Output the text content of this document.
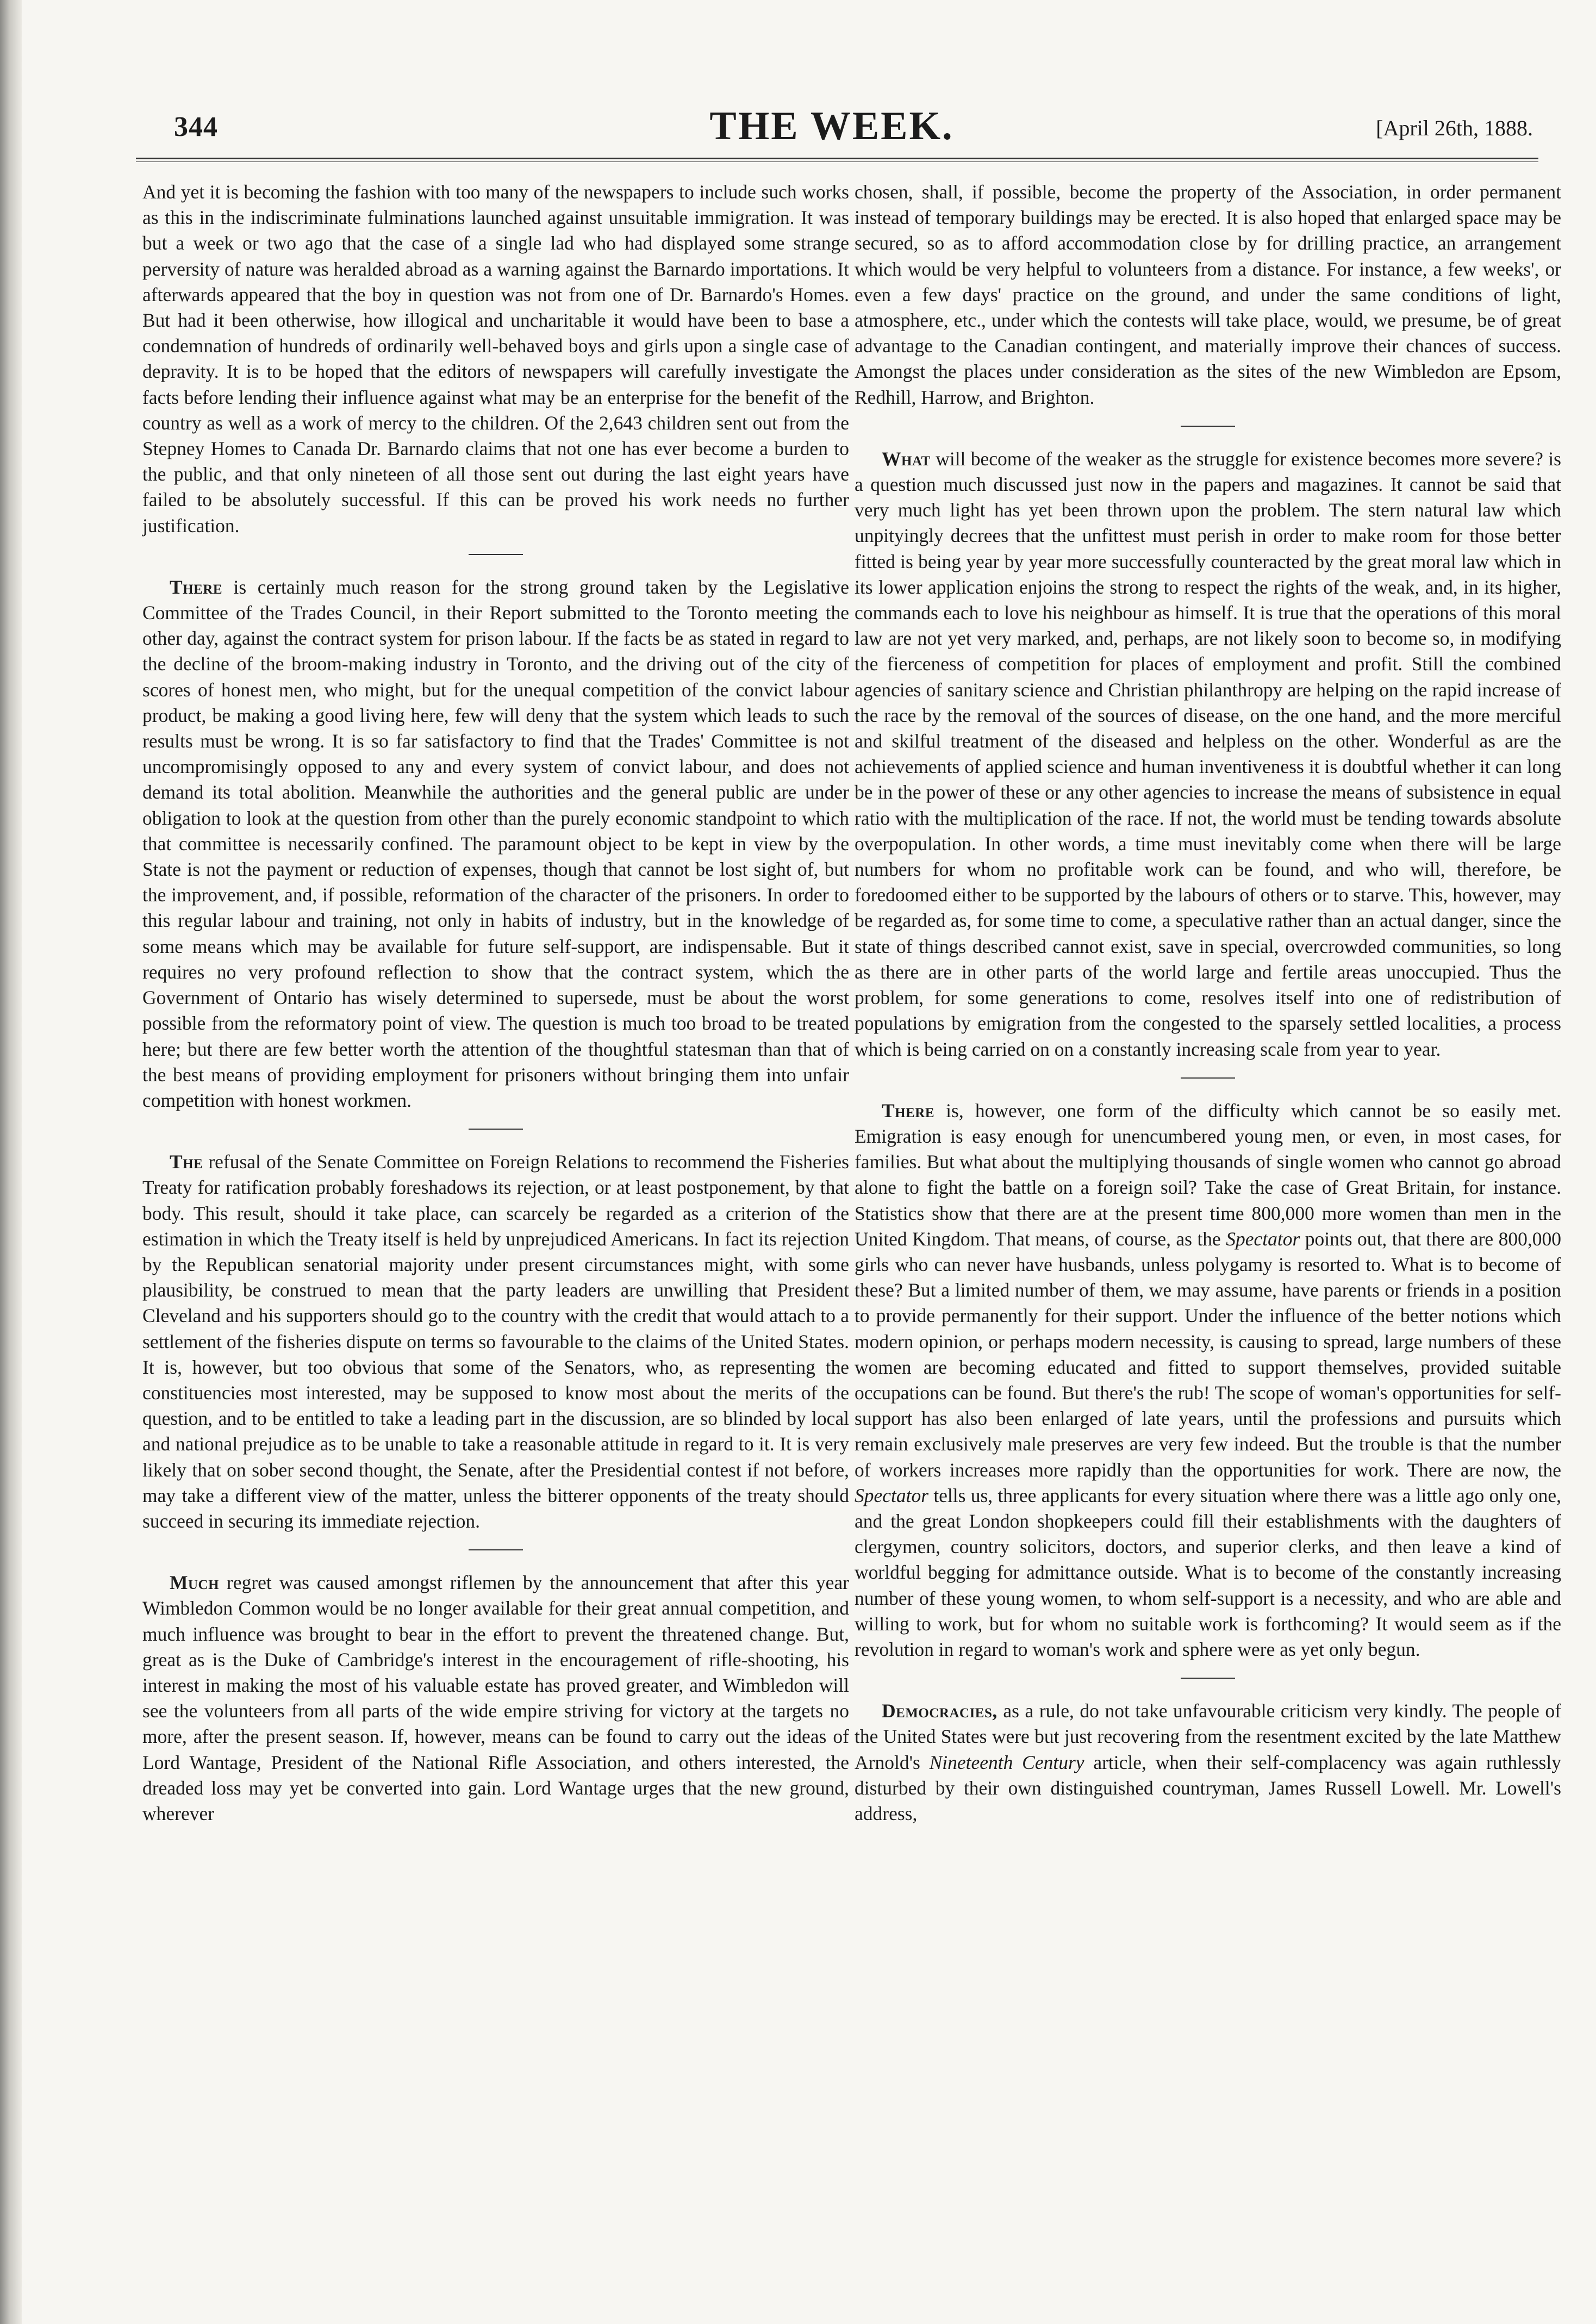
344	THE WEEK.	[April 26th, 1888.

And yet it is becoming the fashion with too many of the newspapers to include such works as this in the indiscriminate fulminations launched against unsuitable immigration. It was but a week or two ago that the case of a single lad who had displayed some strange perversity of nature was heralded abroad as a warning against the Barnardo importations. It afterwards appeared that the boy in question was not from one of Dr. Barnardo's Homes. But had it been otherwise, how illogical and uncharitable it would have been to base a condemnation of hundreds of ordinarily well-behaved boys and girls upon a single case of depravity. It is to be hoped that the editors of newspapers will carefully investigate the facts before lending their influence against what may be an enterprise for the benefit of the country as well as a work of mercy to the children. Of the 2,643 children sent out from the Stepney Homes to Canada Dr. Barnardo claims that not one has ever become a burden to the public, and that only nineteen of all those sent out during the last eight years have failed to be absolutely successful. If this can be proved his work needs no further justification.

There is certainly much reason for the strong ground taken by the Legislative Committee of the Trades Council, in their Report submitted to the Toronto meeting the other day, against the contract system for prison labour. If the facts be as stated in regard to the decline of the broom-making industry in Toronto, and the driving out of the city of scores of honest men, who might, but for the unequal competition of the convict labour product, be making a good living here, few will deny that the system which leads to such results must be wrong. It is so far satisfactory to find that the Trades' Committee is not uncompromisingly opposed to any and every system of convict labour, and does not demand its total abolition. Meanwhile the authorities and the general public are under obligation to look at the question from other than the purely economic standpoint to which that committee is necessarily confined. The paramount object to be kept in view by the State is not the payment or reduction of expenses, though that cannot be lost sight of, but the improvement, and, if possible, reformation of the character of the prisoners. In order to this regular labour and training, not only in habits of industry, but in the knowledge of some means which may be available for future self-support, are indispensable. But it requires no very profound reflection to show that the contract system, which the Government of Ontario has wisely determined to supersede, must be about the worst possible from the reformatory point of view. The question is much too broad to be treated here; but there are few better worth the attention of the thoughtful statesman than that of the best means of providing employment for prisoners without bringing them into unfair competition with honest workmen.

The refusal of the Senate Committee on Foreign Relations to recommend the Fisheries Treaty for ratification probably foreshadows its rejection, or at least postponement, by that body. This result, should it take place, can scarcely be regarded as a criterion of the estimation in which the Treaty itself is held by unprejudiced Americans. In fact its rejection by the Republican senatorial majority under present circumstances might, with some plausibility, be construed to mean that the party leaders are unwilling that President Cleveland and his supporters should go to the country with the credit that would attach to a settlement of the fisheries dispute on terms so favourable to the claims of the United States. It is, however, but too obvious that some of the Senators, who, as representing the constituencies most interested, may be supposed to know most about the merits of the question, and to be entitled to take a leading part in the discussion, are so blinded by local and national prejudice as to be unable to take a reasonable attitude in regard to it. It is very likely that on sober second thought, the Senate, after the Presidential contest if not before, may take a different view of the matter, unless the bitterer opponents of the treaty should succeed in securing its immediate rejection.

Much regret was caused amongst riflemen by the announcement that after this year Wimbledon Common would be no longer available for their great annual competition, and much influence was brought to bear in the effort to prevent the threatened change. But, great as is the Duke of Cambridge's interest in the encouragement of rifle-shooting, his interest in making the most of his valuable estate has proved greater, and Wimbledon will see the volunteers from all parts of the wide empire striving for victory at the targets no more, after the present season. If, however, means can be found to carry out the ideas of Lord Wantage, President of the National Rifle Association, and others interested, the dreaded loss may yet be converted into gain. Lord Wantage urges that the new ground, wherever

chosen, shall, if possible, become the property of the Association, in order permanent instead of temporary buildings may be erected. It is also hoped that enlarged space may be secured, so as to afford accommodation close by for drilling practice, an arrangement which would be very helpful to volunteers from a distance. For instance, a few weeks', or even a few days' practice on the ground, and under the same conditions of light, atmosphere, etc., under which the contests will take place, would, we presume, be of great advantage to the Canadian contingent, and materially improve their chances of success. Amongst the places under consideration as the sites of the new Wimbledon are Epsom, Redhill, Harrow, and Brighton.

What will become of the weaker as the struggle for existence becomes more severe? is a question much discussed just now in the papers and magazines. It cannot be said that very much light has yet been thrown upon the problem. The stern natural law which unpityingly decrees that the unfittest must perish in order to make room for those better fitted is being year by year more successfully counteracted by the great moral law which in its lower application enjoins the strong to respect the rights of the weak, and, in its higher, commands each to love his neighbour as himself. It is true that the operations of this moral law are not yet very marked, and, perhaps, are not likely soon to become so, in modifying the fierceness of competition for places of employment and profit. Still the combined agencies of sanitary science and Christian philanthropy are helping on the rapid increase of the race by the removal of the sources of disease, on the one hand, and the more merciful and skilful treatment of the diseased and helpless on the other. Wonderful as are the achievements of applied science and human inventiveness it is doubtful whether it can long be in the power of these or any other agencies to increase the means of subsistence in equal ratio with the multiplication of the race. If not, the world must be tending towards absolute overpopulation. In other words, a time must inevitably come when there will be large numbers for whom no profitable work can be found, and who will, therefore, be foredoomed either to be supported by the labours of others or to starve. This, however, may be regarded as, for some time to come, a speculative rather than an actual danger, since the state of things described cannot exist, save in special, overcrowded communities, so long as there are in other parts of the world large and fertile areas unoccupied. Thus the problem, for some generations to come, resolves itself into one of redistribution of populations by emigration from the congested to the sparsely settled localities, a process which is being carried on on a constantly increasing scale from year to year.

There is, however, one form of the difficulty which cannot be so easily met. Emigration is easy enough for unencumbered young men, or even, in most cases, for families. But what about the multiplying thousands of single women who cannot go abroad alone to fight the battle on a foreign soil? Take the case of Great Britain, for instance. Statistics show that there are at the present time 800,000 more women than men in the United Kingdom. That means, of course, as the Spectator points out, that there are 800,000 girls who can never have husbands, unless polygamy is resorted to. What is to become of these? But a limited number of them, we may assume, have parents or friends in a position to provide permanently for their support. Under the influence of the better notions which modern opinion, or perhaps modern necessity, is causing to spread, large numbers of these women are becoming educated and fitted to support themselves, provided suitable occupations can be found. But there's the rub! The scope of woman's opportunities for self-support has also been enlarged of late years, until the professions and pursuits which remain exclusively male preserves are very few indeed. But the trouble is that the number of workers increases more rapidly than the opportunities for work. There are now, the Spectator tells us, three applicants for every situation where there was a little ago only one, and the great London shopkeepers could fill their establishments with the daughters of clergymen, country solicitors, doctors, and superior clerks, and then leave a kind of worldful begging for admittance outside. What is to become of the constantly increasing number of these young women, to whom self-support is a necessity, and who are able and willing to work, but for whom no suitable work is forthcoming? It would seem as if the revolution in regard to woman's work and sphere were as yet only begun.

Democracies, as a rule, do not take unfavourable criticism very kindly. The people of the United States were but just recovering from the resentment excited by the late Matthew Arnold's Nineteenth Century article, when their self-complacency was again ruthlessly disturbed by their own distinguished countryman, James Russell Lowell. Mr. Lowell's address,
